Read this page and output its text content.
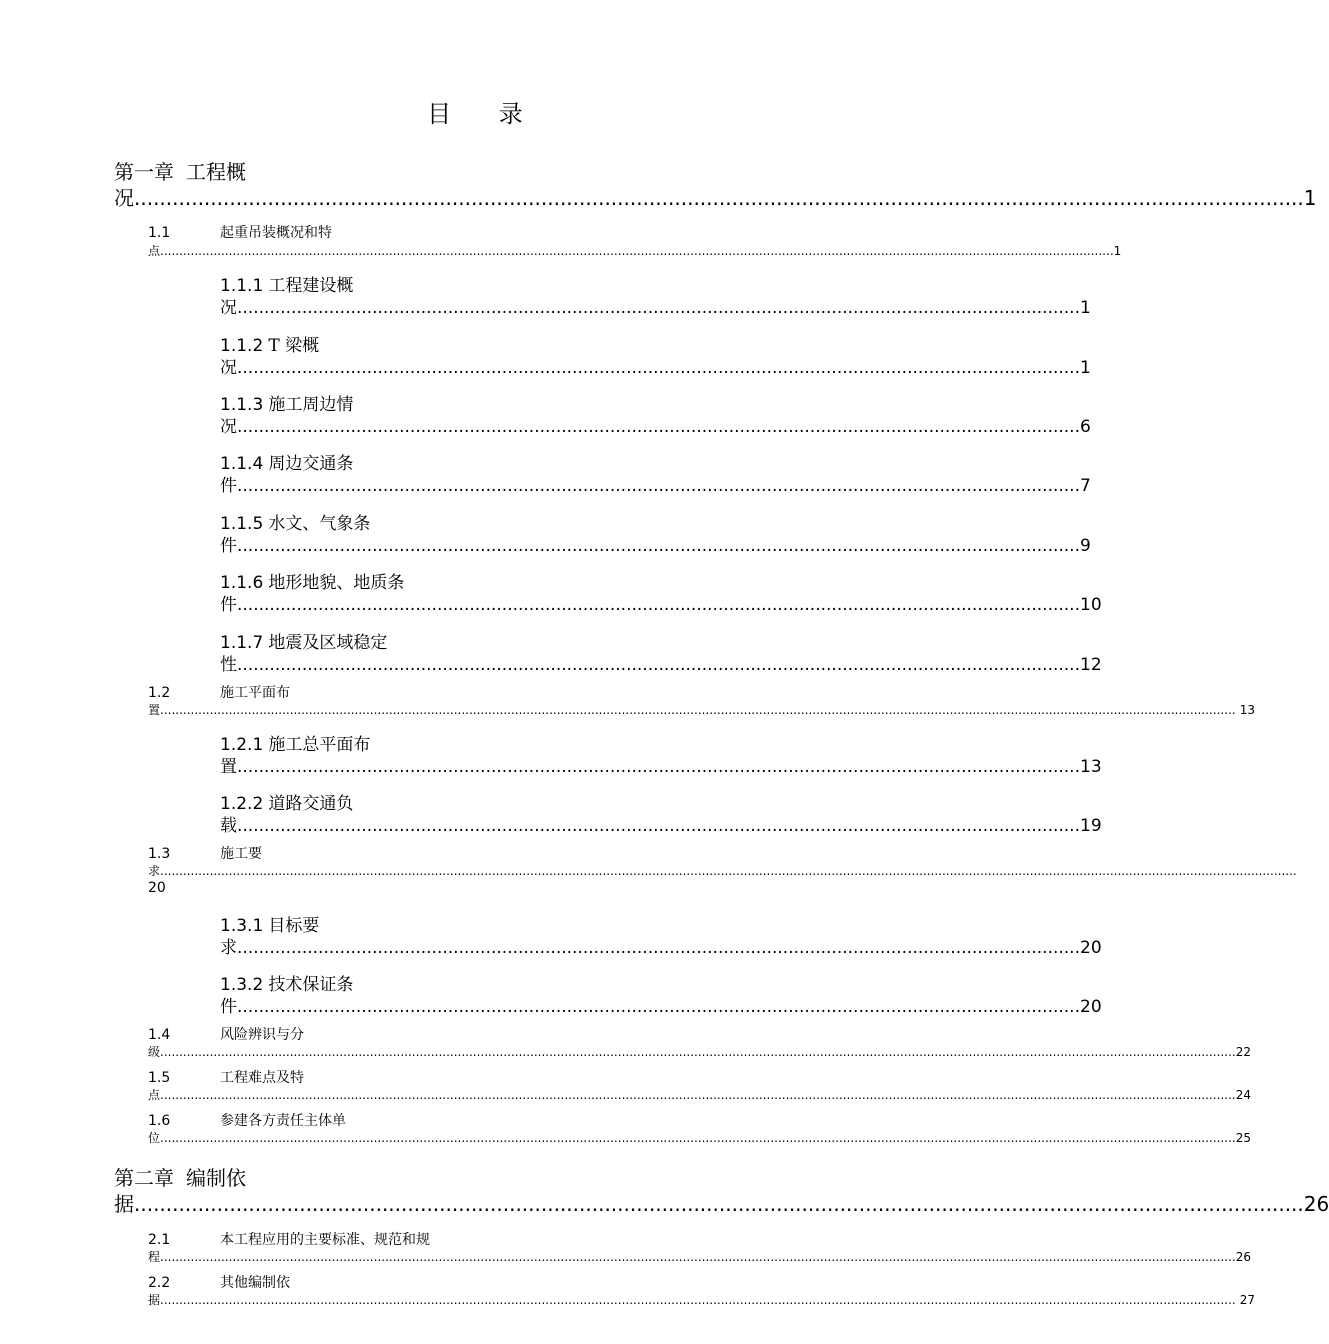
目 录
第一章 工程概
况 ........................................................................................................................................................................................ 1
1.1	起重吊装概况和特
点 .......................................................................................................................................................................................................................................................... 1
1.1.1 工程建设概
况 ............................................................................................................................................................ 1
1.1.2 T 梁概
况 ............................................................................................................................................................ 1
1.1.3 施工周边情
况 ............................................................................................................................................................ 6
1.1.4 周边交通条
件 ............................................................................................................................................................ 7
1.1.5 水文、气象条
件 ............................................................................................................................................................ 9
1.1.6 地形地貌、地质条
件 ............................................................................................................................................................ 10
1.1.7 地震及区域稳定
性 ............................................................................................................................................................ 12
1.2	施工平面布
置 .......................................................................................................................................................................................................................................................................................... 13
1.2.1 施工总平面布
置 ............................................................................................................................................................ 13
1.2.2 道路交通负
载 ............................................................................................................................................................ 19
1.3	施工要
求 ..........................................................................................................................................................................................................................................................................................................
20
1.3.1 目标要
求 ............................................................................................................................................................ 20
1.3.2 技术保证条
件 ............................................................................................................................................................ 20
1.4	风险辨识与分
级 .......................................................................................................................................................................................................................................................................................... 22
1.5	工程难点及特
点 .......................................................................................................................................................................................................................................................................................... 24
1.6	参建各方责任主体单
位 .......................................................................................................................................................................................................................................................................................... 25
第二章 编制依
据 ........................................................................................................................................................................................ 26
2.1	本工程应用的主要标准、规范和规
程 .......................................................................................................................................................................................................................................................................................... 26
2.2	其他编制依
据 .......................................................................................................................................................................................................................................................................................... 27
